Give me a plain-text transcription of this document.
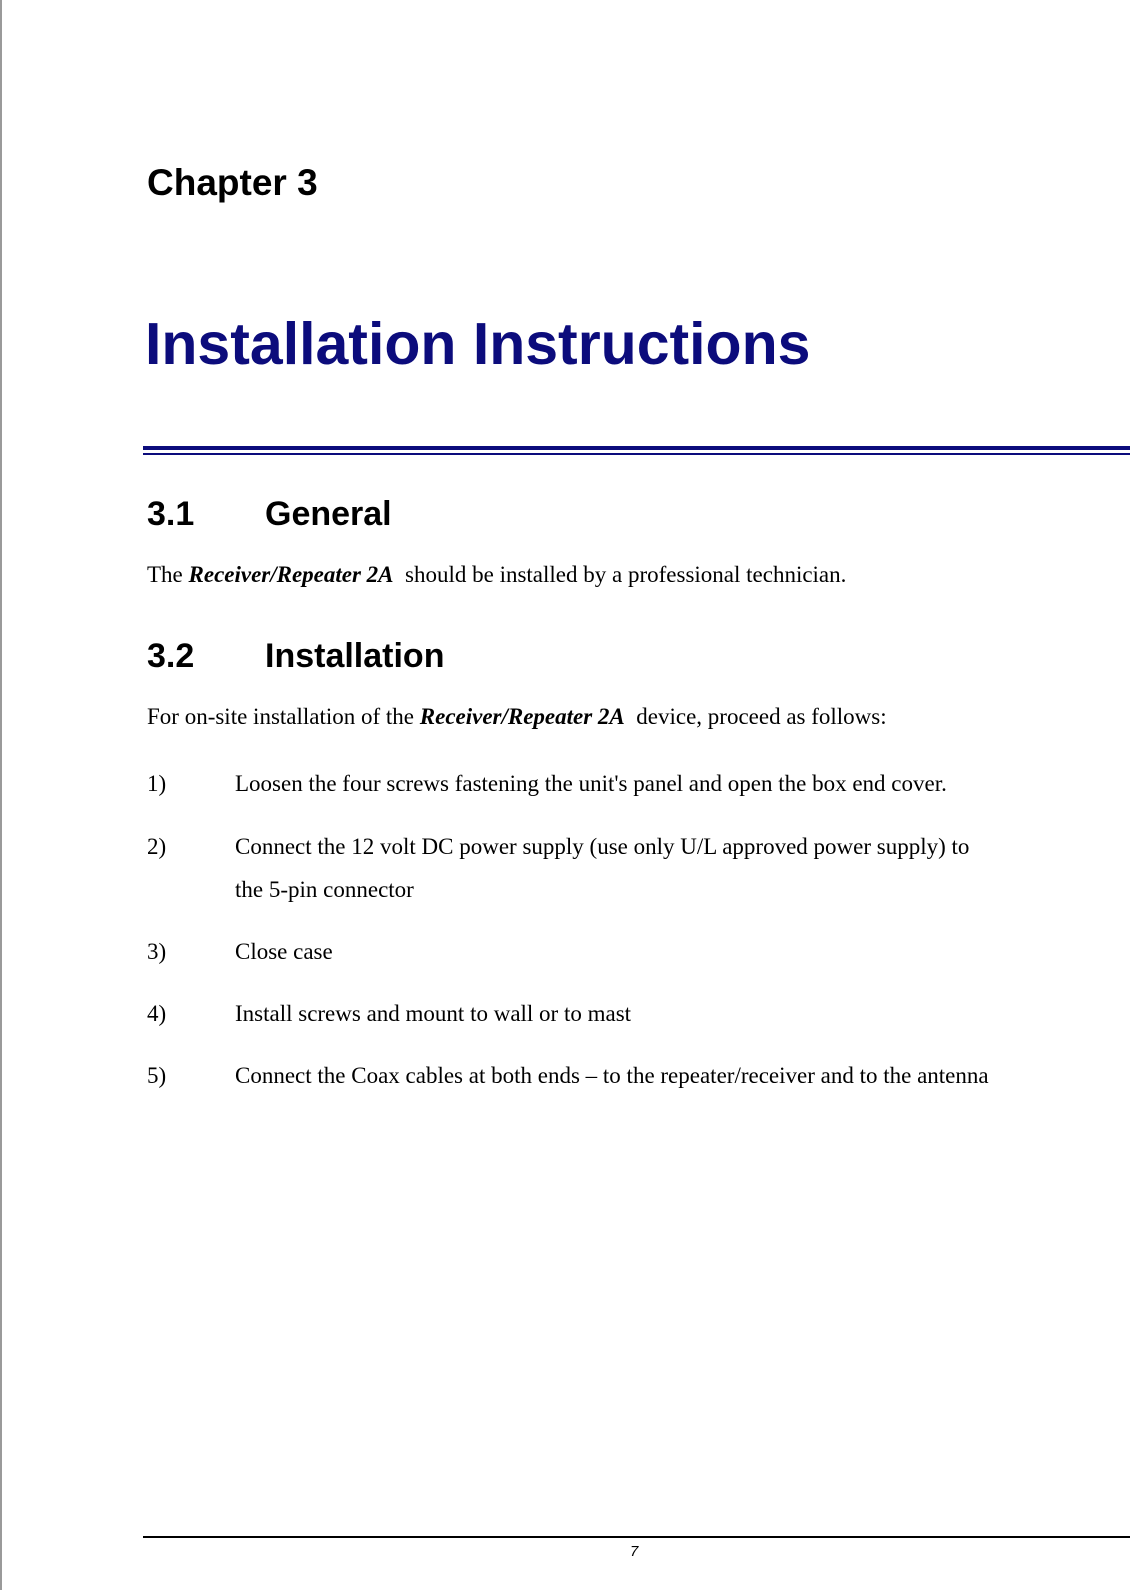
Chapter 3
Installation Instructions
3.1 General

The Receiver/Repeater 2A  should be installed by a professional technician.

3.2 Installation

For on-site installation of the Receiver/Repeater 2A  device, proceed as follows:

1)	Loosen the four screws fastening the unit's panel and open the box end cover.
2)	Connect the 12 volt DC power supply (use only U/L approved power supply) to
the 5-pin connector
3)	Close case
4)	Install screws and mount to wall or to mast
5)	Connect the Coax cables at both ends – to the repeater/receiver and to the antenna

7
